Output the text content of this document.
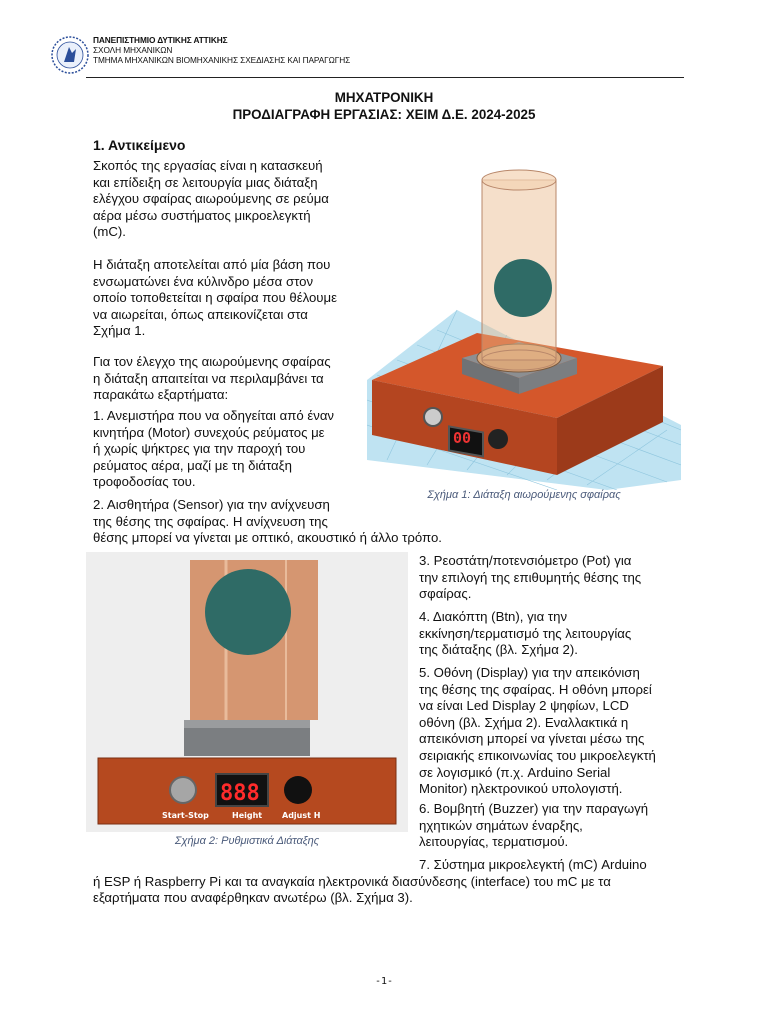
ΠΑΝΕΠΙΣΤΗΜΙΟ ΔΥΤΙΚΗΣ ΑΤΤΙΚΗΣ
ΣΧΟΛΗ ΜΗΧΑΝΙΚΩΝ
ΤΜΗΜΑ ΜΗΧΑΝΙΚΩΝ ΒΙΟΜΗΧΑΝΙΚΗΣ ΣΧΕΔΙΑΣΗΣ ΚΑΙ ΠΑΡΑΓΩΓΗΣ
ΜΗΧΑΤΡΟΝΙΚΗ
ΠΡΟΔΙΑΓΡΑΦΗ ΕΡΓΑΣΙΑΣ: ΧΕΙΜ Δ.Ε. 2024-2025
1. Αντικείμενο
Σκοπός της εργασίας είναι η κατασκευή
και επίδειξη σε λειτουργία μιας διάταξη
ελέγχου σφαίρας αιωρούμενης σε ρεύμα
αέρα μέσω συστήματος μικροελεγκτή
(mC).
Η διάταξη αποτελείται από μία βάση που
ενσωματώνει ένα κύλινδρο μέσα στον
οποίο τοποθετείται η σφαίρα που θέλουμε
να αιωρείται, όπως απεικονίζεται στα
Σχήμα 1.
Για τον έλεγχο της αιωρούμενης σφαίρας
η διάταξη απαιτείται να περιλαμβάνει τα
παρακάτω εξαρτήματα:
1. Ανεμιστήρα που να οδηγείται από έναν
κινητήρα (Motor) συνεχούς ρεύματος με
ή χωρίς ψήκτρες για την παροχή του
ρεύματος αέρα, μαζί με τη διάταξη
τροφοδοσίας του.
2. Αισθητήρα (Sensor) για την ανίχνευση
της θέσης της σφαίρας. Η ανίχνευση της
θέσης μπορεί να γίνεται με οπτικό, ακουστικό ή άλλο τρόπο.
00
Σχήμα 1: Διάταξη αιωρούμενης σφαίρας
888
Start-Stop	Height Adjust H
Σχήμα 2: Ρυθμιστικά Διάταξης
3. Ρεοστάτη/ποτενσιόμετρο (Pot) για
την επιλογή της επιθυμητής θέσης της
σφαίρας.
4. Διακόπτη (Btn), για την
εκκίνηση/τερματισμό της λειτουργίας
της διάταξης (βλ. Σχήμα 2).
5. Οθόνη (Display) για την απεικόνιση
της θέσης της σφαίρας. Η οθόνη μπορεί
να είναι Led Display 2 ψηφίων, LCD
οθόνη (βλ. Σχήμα 2). Εναλλακτικά η
απεικόνιση μπορεί να γίνεται μέσω της
σειριακής επικοινωνίας του μικροελεγκτή
σε λογισμικό (π.χ. Arduino Serial
Monitor) ηλεκτρονικού υπολογιστή.
6. Βομβητή (Buzzer) για την παραγωγή
ηχητικών σημάτων έναρξης,
λειτουργίας, τερματισμού.
7. Σύστημα μικροελεγκτή (mC) Arduino
ή ESP ή Raspberry Pi και τα αναγκαία ηλεκτρονικά διασύνδεσης (interface) του mC με τα
εξαρτήματα που αναφέρθηκαν ανωτέρω (βλ. Σχήμα 3).
-1-
